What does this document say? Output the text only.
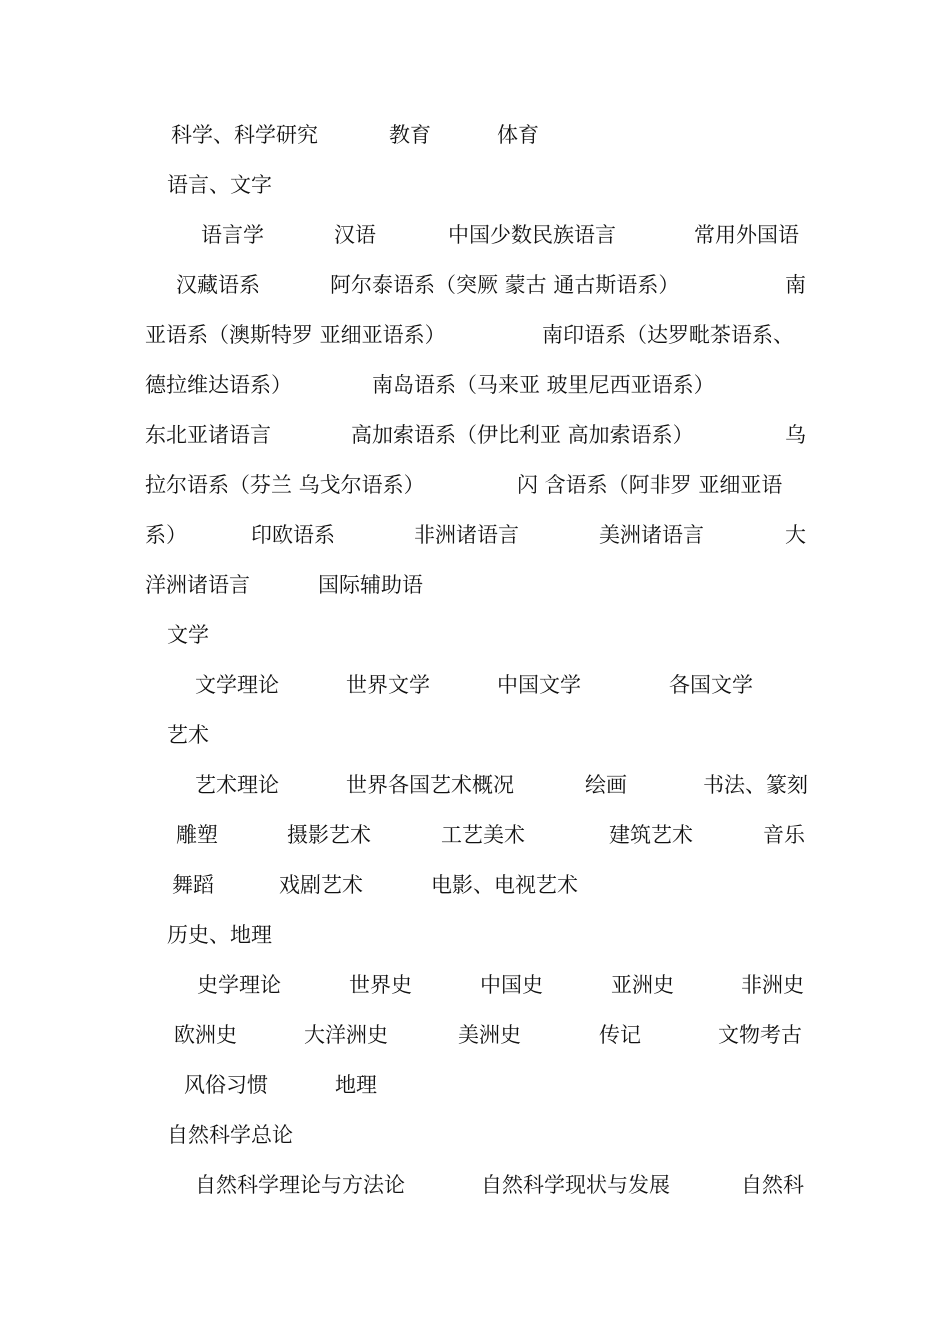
科学、科学研究	教育	体育
语言、文字
语言学	汉语	中国少数民族语言	常用外国语
汉藏语系	阿尔泰语系（突厥 蒙古 通古斯语系）	南
亚语系（澳斯特罗 亚细亚语系）	南印语系（达罗毗茶语系、
德拉维达语系）	南岛语系（马来亚 玻里尼西亚语系）
东北亚诸语言	高加索语系（伊比利亚 高加索语系）	乌
拉尔语系（芬兰 乌戈尔语系）	闪 含语系（阿非罗 亚细亚语
系）	印欧语系	非洲诸语言	美洲诸语言	大
洋洲诸语言	国际辅助语
文学
文学理论	世界文学	中国文学	各国文学
艺术
艺术理论	世界各国艺术概况	绘画	书法、篆刻
雕塑	摄影艺术	工艺美术	建筑艺术	音乐
舞蹈	戏剧艺术	电影、电视艺术
历史、地理
史学理论	世界史	中国史	亚洲史	非洲史
欧洲史	大洋洲史	美洲史	传记	文物考古
风俗习惯	地理
自然科学总论
自然科学理论与方法论	自然科学现状与发展	自然科
